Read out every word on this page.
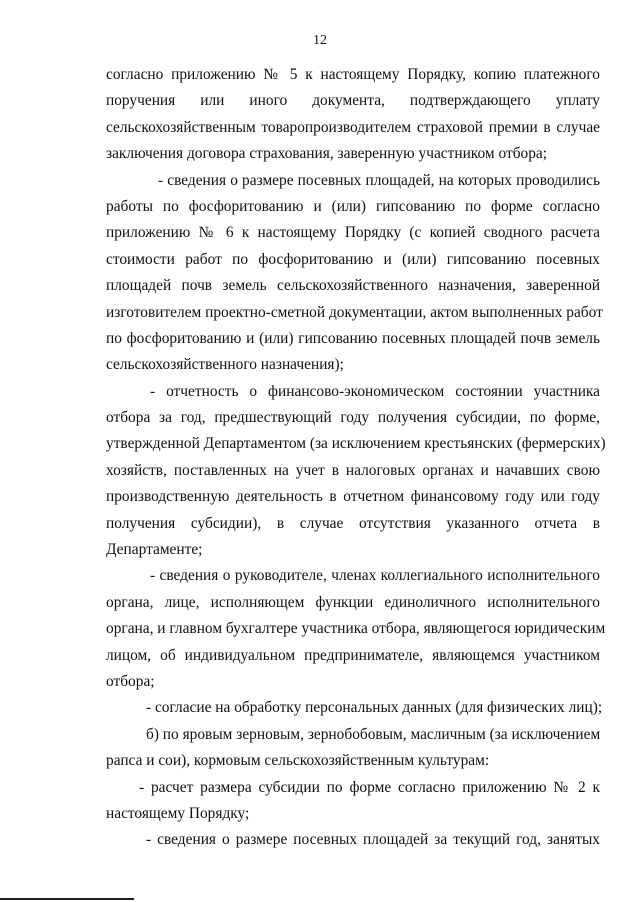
12
согласно приложению № 5 к настоящему Порядку, копию платежного
поручения или иного документа, подтверждающего уплату
сельскохозяйственным товаропроизводителем страховой премии в случае
заключения договора страхования, заверенную участником отбора;
- сведения о размере посевных площадей, на которых проводились
работы по фосфоритованию и (или) гипсованию по форме согласно
приложению № 6 к настоящему Порядку (с копией сводного расчета
стоимости работ по фосфоритованию и (или) гипсованию посевных
площадей почв земель сельскохозяйственного назначения, заверенной
изготовителем проектно-сметной документации, актом выполненных работ
по фосфоритованию и (или) гипсованию посевных площадей почв земель
сельскохозяйственного назначения);
- отчетность о финансово-экономическом состоянии участника
отбора за год, предшествующий году получения субсидии, по форме,
утвержденной Департаментом (за исключением крестьянских (фермерских)
хозяйств, поставленных на учет в налоговых органах и начавших свою
производственную деятельность в отчетном финансовому году или году
получения субсидии), в случае отсутствия указанного отчета в
Департаменте;
- сведения о руководителе, членах коллегиального исполнительного
органа, лице, исполняющем функции единоличного исполнительного
органа, и главном бухгалтере участника отбора, являющегося юридическим
лицом, об индивидуальном предпринимателе, являющемся участником
отбора;
- согласие на обработку персональных данных (для физических лиц);
б) по яровым зерновым, зернобобовым, масличным (за исключением
рапса и сои), кормовым сельскохозяйственным культурам:
- расчет размера субсидии по форме согласно приложению № 2 к
настоящему Порядку;
- сведения о размере посевных площадей за текущий год, занятых
